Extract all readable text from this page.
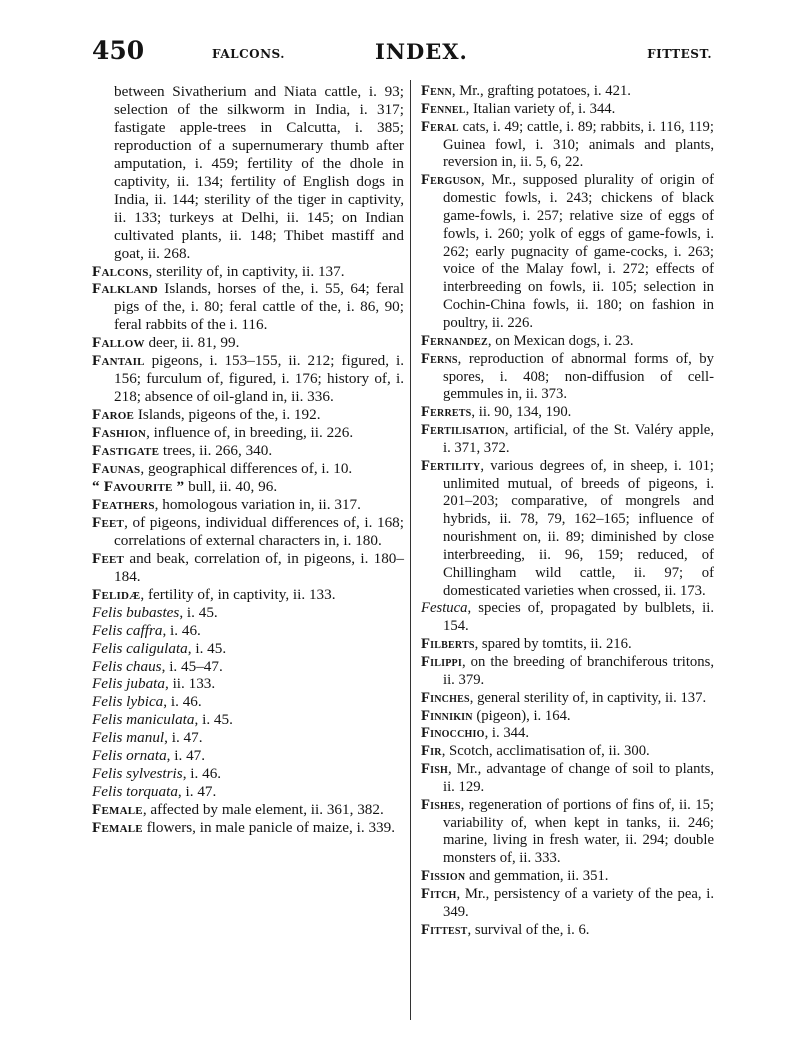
450	FALCONS.	INDEX.	FITTEST.

between Sivatherium and Niata cattle, i. 93; selection of the silkworm in India, i. 317; fastigate apple-trees in Calcutta, i. 385; reproduction of a supernumerary thumb after amputation, i. 459; fertility of the dhole in captivity, ii. 134; fertility of English dogs in India, ii. 144; sterility of the tiger in captivity, ii. 133; turkeys at Delhi, ii. 145; on Indian cultivated plants, ii. 148; Thibet mastiff and goat, ii. 268.

Falcons, sterility of, in captivity, ii. 137.

Falkland Islands, horses of the, i. 55, 64; feral pigs of the, i. 80; feral cattle of the, i. 86, 90; feral rabbits of the i. 116.

Fallow deer, ii. 81, 99.

Fantail pigeons, i. 153–155, ii. 212; figured, i. 156; furculum of, figured, i. 176; history of, i. 218; absence of oil-gland in, ii. 336.

Faroe Islands, pigeons of the, i. 192.

Fashion, influence of, in breeding, ii. 226.

Fastigate trees, ii. 266, 340.

Faunas, geographical differences of, i. 10.

“ Favourite ” bull, ii. 40, 96.

Feathers, homologous variation in, ii. 317.

Feet, of pigeons, individual differences of, i. 168; correlations of external characters in, i. 180.

Feet and beak, correlation of, in pigeons, i. 180–184.

Felidæ, fertility of, in captivity, ii. 133.

Felis bubastes, i. 45.

Felis caffra, i. 46.

Felis caligulata, i. 45.

Felis chaus, i. 45–47.

Felis jubata, ii. 133.

Felis lybica, i. 46.

Felis maniculata, i. 45.

Felis manul, i. 47.

Felis ornata, i. 47.

Felis sylvestris, i. 46.

Felis torquata, i. 47.

Female, affected by male element, ii. 361, 382.

Female flowers, in male panicle of maize, i. 339.

Fenn, Mr., grafting potatoes, i. 421.

Fennel, Italian variety of, i. 344.

Feral cats, i. 49; cattle, i. 89; rabbits, i. 116, 119; Guinea fowl, i. 310; animals and plants, reversion in, ii. 5, 6, 22.

Ferguson, Mr., supposed plurality of origin of domestic fowls, i. 243; chickens of black game-fowls, i. 257; relative size of eggs of fowls, i. 260; yolk of eggs of game-fowls, i. 262; early pugnacity of game-cocks, i. 263; voice of the Malay fowl, i. 272; effects of interbreeding on fowls, ii. 105; selection in Cochin-China fowls, ii. 180; on fashion in poultry, ii. 226.

Fernandez, on Mexican dogs, i. 23.

Ferns, reproduction of abnormal forms of, by spores, i. 408; non-diffusion of cell-gemmules in, ii. 373.

Ferrets, ii. 90, 134, 190.

Fertilisation, artificial, of the St. Valéry apple, i. 371, 372.

Fertility, various degrees of, in sheep, i. 101; unlimited mutual, of breeds of pigeons, i. 201–203; comparative, of mongrels and hybrids, ii. 78, 79, 162–165; influence of nourishment on, ii. 89; diminished by close interbreeding, ii. 96, 159; reduced, of Chillingham wild cattle, ii. 97; of domesticated varieties when crossed, ii. 173.

Festuca, species of, propagated by bulblets, ii. 154.

Filberts, spared by tomtits, ii. 216.

Filippi, on the breeding of branchiferous tritons, ii. 379.

Finches, general sterility of, in captivity, ii. 137.

Finnikin (pigeon), i. 164.

Finocchio, i. 344.

Fir, Scotch, acclimatisation of, ii. 300.

Fish, Mr., advantage of change of soil to plants, ii. 129.

Fishes, regeneration of portions of fins of, ii. 15; variability of, when kept in tanks, ii. 246; marine, living in fresh water, ii. 294; double monsters of, ii. 333.

Fission and gemmation, ii. 351.

Fitch, Mr., persistency of a variety of the pea, i. 349.

Fittest, survival of the, i. 6.
